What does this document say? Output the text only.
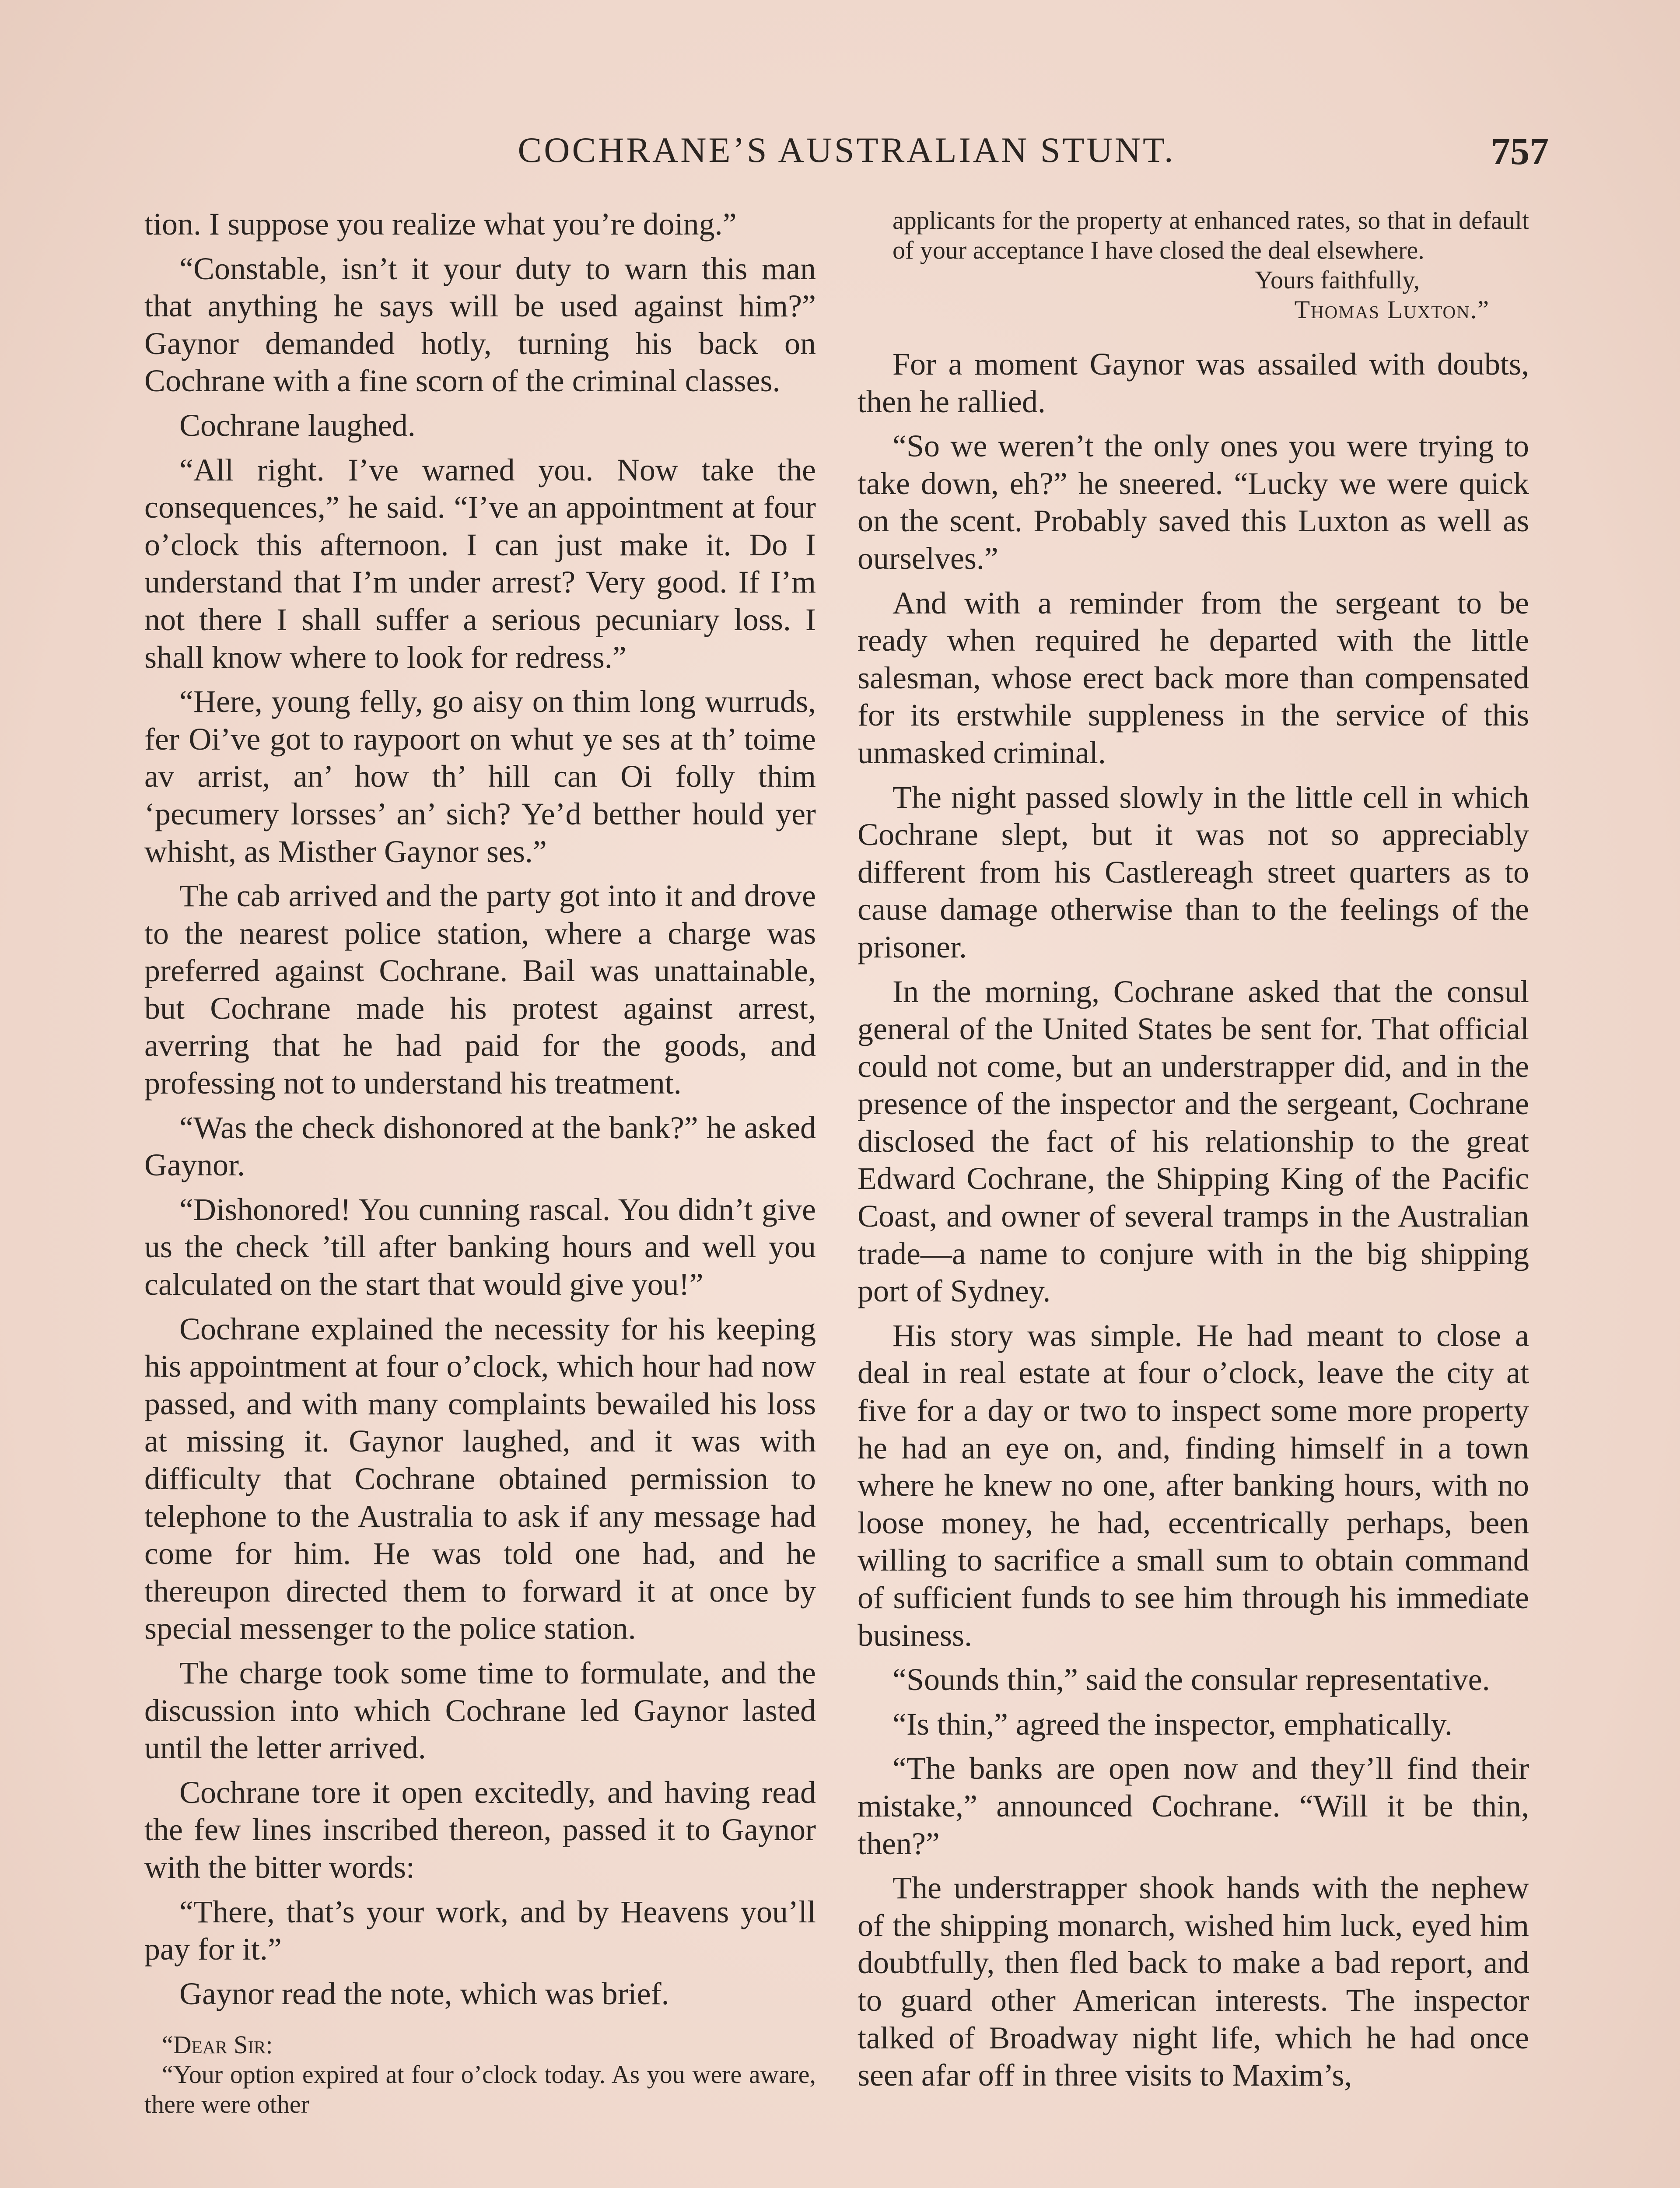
COCHRANE’S AUSTRALIAN STUNT.	757

tion. I suppose you realize what you’re doing.”

“Constable, isn’t it your duty to warn this man that anything he says will be used against him?” Gaynor demanded hotly, turning his back on Cochrane with a fine scorn of the criminal classes.

Cochrane laughed.

“All right. I’ve warned you. Now take the consequences,” he said. “I’ve an appointment at four o’clock this afternoon. I can just make it. Do I understand that I’m under arrest? Very good. If I’m not there I shall suffer a serious pecuniary loss. I shall know where to look for redress.”

“Here, young felly, go aisy on thim long wurruds, fer Oi’ve got to raypoort on whut ye ses at th’ toime av arrist, an’ how th’ hill can Oi folly thim ‘pecumery lorsses’ an’ sich? Ye’d betther hould yer whisht, as Misther Gaynor ses.”

The cab arrived and the party got into it and drove to the nearest police station, where a charge was preferred against Cochrane. Bail was unattainable, but Cochrane made his protest against arrest, averring that he had paid for the goods, and professing not to understand his treatment.

“Was the check dishonored at the bank?” he asked Gaynor.

“Dishonored! You cunning rascal. You didn’t give us the check ’till after banking hours and well you calculated on the start that would give you!”

Cochrane explained the necessity for his keeping his appointment at four o’clock, which hour had now passed, and with many complaints bewailed his loss at missing it. Gaynor laughed, and it was with difficulty that Cochrane obtained permission to telephone to the Australia to ask if any message had come for him. He was told one had, and he thereupon directed them to forward it at once by special messenger to the police station.

The charge took some time to formulate, and the discussion into which Cochrane led Gaynor lasted until the letter arrived.

Cochrane tore it open excitedly, and having read the few lines inscribed thereon, passed it to Gaynor with the bitter words:

“There, that’s your work, and by Heavens you’ll pay for it.”

Gaynor read the note, which was brief.

“Dear Sir:

“Your option expired at four o’clock today. As you were aware, there were other

applicants for the property at enhanced rates, so that in default of your acceptance I have closed the deal elsewhere.

Yours faithfully,

Thomas Luxton.”

For a moment Gaynor was assailed with doubts, then he rallied.

“So we weren’t the only ones you were trying to take down, eh?” he sneered. “Lucky we were quick on the scent. Probably saved this Luxton as well as ourselves.”

And with a reminder from the sergeant to be ready when required he departed with the little salesman, whose erect back more than compensated for its erstwhile suppleness in the service of this unmasked criminal.

The night passed slowly in the little cell in which Cochrane slept, but it was not so appreciably different from his Castlereagh street quarters as to cause damage otherwise than to the feelings of the prisoner.

In the morning, Cochrane asked that the consul general of the United States be sent for. That official could not come, but an understrapper did, and in the presence of the inspector and the sergeant, Cochrane disclosed the fact of his relationship to the great Edward Cochrane, the Shipping King of the Pacific Coast, and owner of several tramps in the Australian trade—a name to conjure with in the big shipping port of Sydney.

His story was simple. He had meant to close a deal in real estate at four o’clock, leave the city at five for a day or two to inspect some more property he had an eye on, and, finding himself in a town where he knew no one, after banking hours, with no loose money, he had, eccentrically perhaps, been willing to sacrifice a small sum to obtain command of sufficient funds to see him through his immediate business.

“Sounds thin,” said the consular representative.

“Is thin,” agreed the inspector, emphatically.

“The banks are open now and they’ll find their mistake,” announced Cochrane. “Will it be thin, then?”

The understrapper shook hands with the nephew of the shipping monarch, wished him luck, eyed him doubtfully, then fled back to make a bad report, and to guard other American interests. The inspector talked of Broadway night life, which he had once seen afar off in three visits to Maxim’s,
